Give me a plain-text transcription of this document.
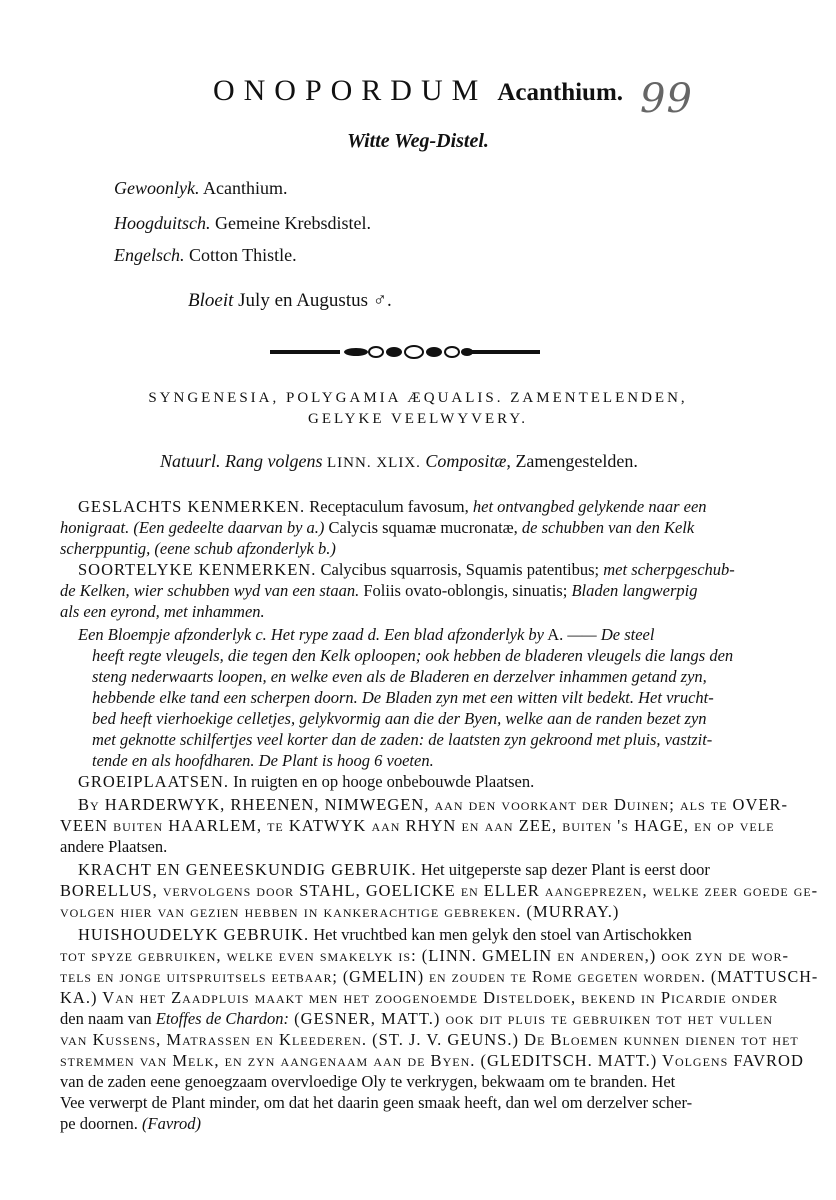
ONOPORDUM Acanthium. 99
Witte Weg-Distel.
Gewoonlyk. Acanthium.
Hoogduitsch. Gemeine Krebsdistel.
Engelsch. Cotton Thistle.
Bloeit July en Augustus ♂.
SYNGENESIA, POLYGAMIA ÆQUALIS. ZAMENTELENDEN,
GELYKE VEELWYVERY.
Natuurl. Rang volgens LINN. XLIX. Compositæ, Zamengestelden.
GESLACHTS KENMERKEN. Receptaculum favosum, het ontvangbed gelykende naar een
honigraat. (Een gedeelte daarvan by a.) Calycis squamæ mucronatæ, de schubben van den Kelk
scherppuntig, (eene schub afzonderlyk b.)
SOORTELYKE KENMERKEN. Calycibus squarrosis, Squamis patentibus; met scherpgeschub-
de Kelken, wier schubben wyd van een staan. Foliis ovato-oblongis, sinuatis; Bladen langwerpig
als een eyrond, met inhammen.
Een Bloempje afzonderlyk c. Het rype zaad d. Een blad afzonderlyk by A. —— De steel
heeft regte vleugels, die tegen den Kelk oploopen; ook hebben de bladeren vleugels die langs den
steng nederwaarts loopen, en welke even als de Bladeren en derzelver inhammen getand zyn,
hebbende elke tand een scherpen doorn. De Bladen zyn met een witten vilt bedekt. Het vrucht-
bed heeft vierhoekige celletjes, gelykvormig aan die der Byen, welke aan de randen bezet zyn
met geknotte schilfertjes veel korter dan de zaden: de laatsten zyn gekroond met pluis, vastzit-
tende en als hoofdharen. De Plant is hoog 6 voeten.
GROEIPLAATSEN. In ruigten en op hooge onbebouwde Plaatsen.
By HARDERWYK, RHEENEN, NIMWEGEN, aan den voorkant der Duinen; als te OVER-
VEEN buiten HAARLEM, te KATWYK aan RHYN en aan ZEE, buiten 's HAGE, en op vele
andere Plaatsen.
KRACHT EN GENEESKUNDIG GEBRUIK. Het uitgeperste sap dezer Plant is eerst door
BORELLUS, vervolgens door STAHL, GOELICKE en ELLER aangeprezen, welke zeer goede ge-
volgen hier van gezien hebben in kankerachtige gebreken. (MURRAY.)
HUISHOUDELYK GEBRUIK. Het vruchtbed kan men gelyk den stoel van Artischokken
tot spyze gebruiken, welke even smakelyk is: (LINN. GMELIN en anderen,) ook zyn de wor-
tels en jonge uitspruitsels eetbaar; (GMELIN) en zouden te Rome gegeten worden. (MATTUSCH-
KA.) Van het Zaadpluis maakt men het zoogenoemde Disteldoek, bekend in Picardie onder
den naam van Etoffes de Chardon: (GESNER, MATT.) ook dit pluis te gebruiken tot het vullen
van Kussens, Matrassen en Kleederen. (ST. J. V. GEUNS.) De Bloemen kunnen dienen tot het
stremmen van Melk, en zyn aangenaam aan de Byen. (GLEDITSCH. MATT.) Volgens FAVROD
van de zaden eene genoegzaam overvloedige Oly te verkrygen, bekwaam om te branden. Het
Vee verwerpt de Plant minder, om dat het daarin geen smaak heeft, dan wel om derzelver scher-
pe doornen. (Favrod)
